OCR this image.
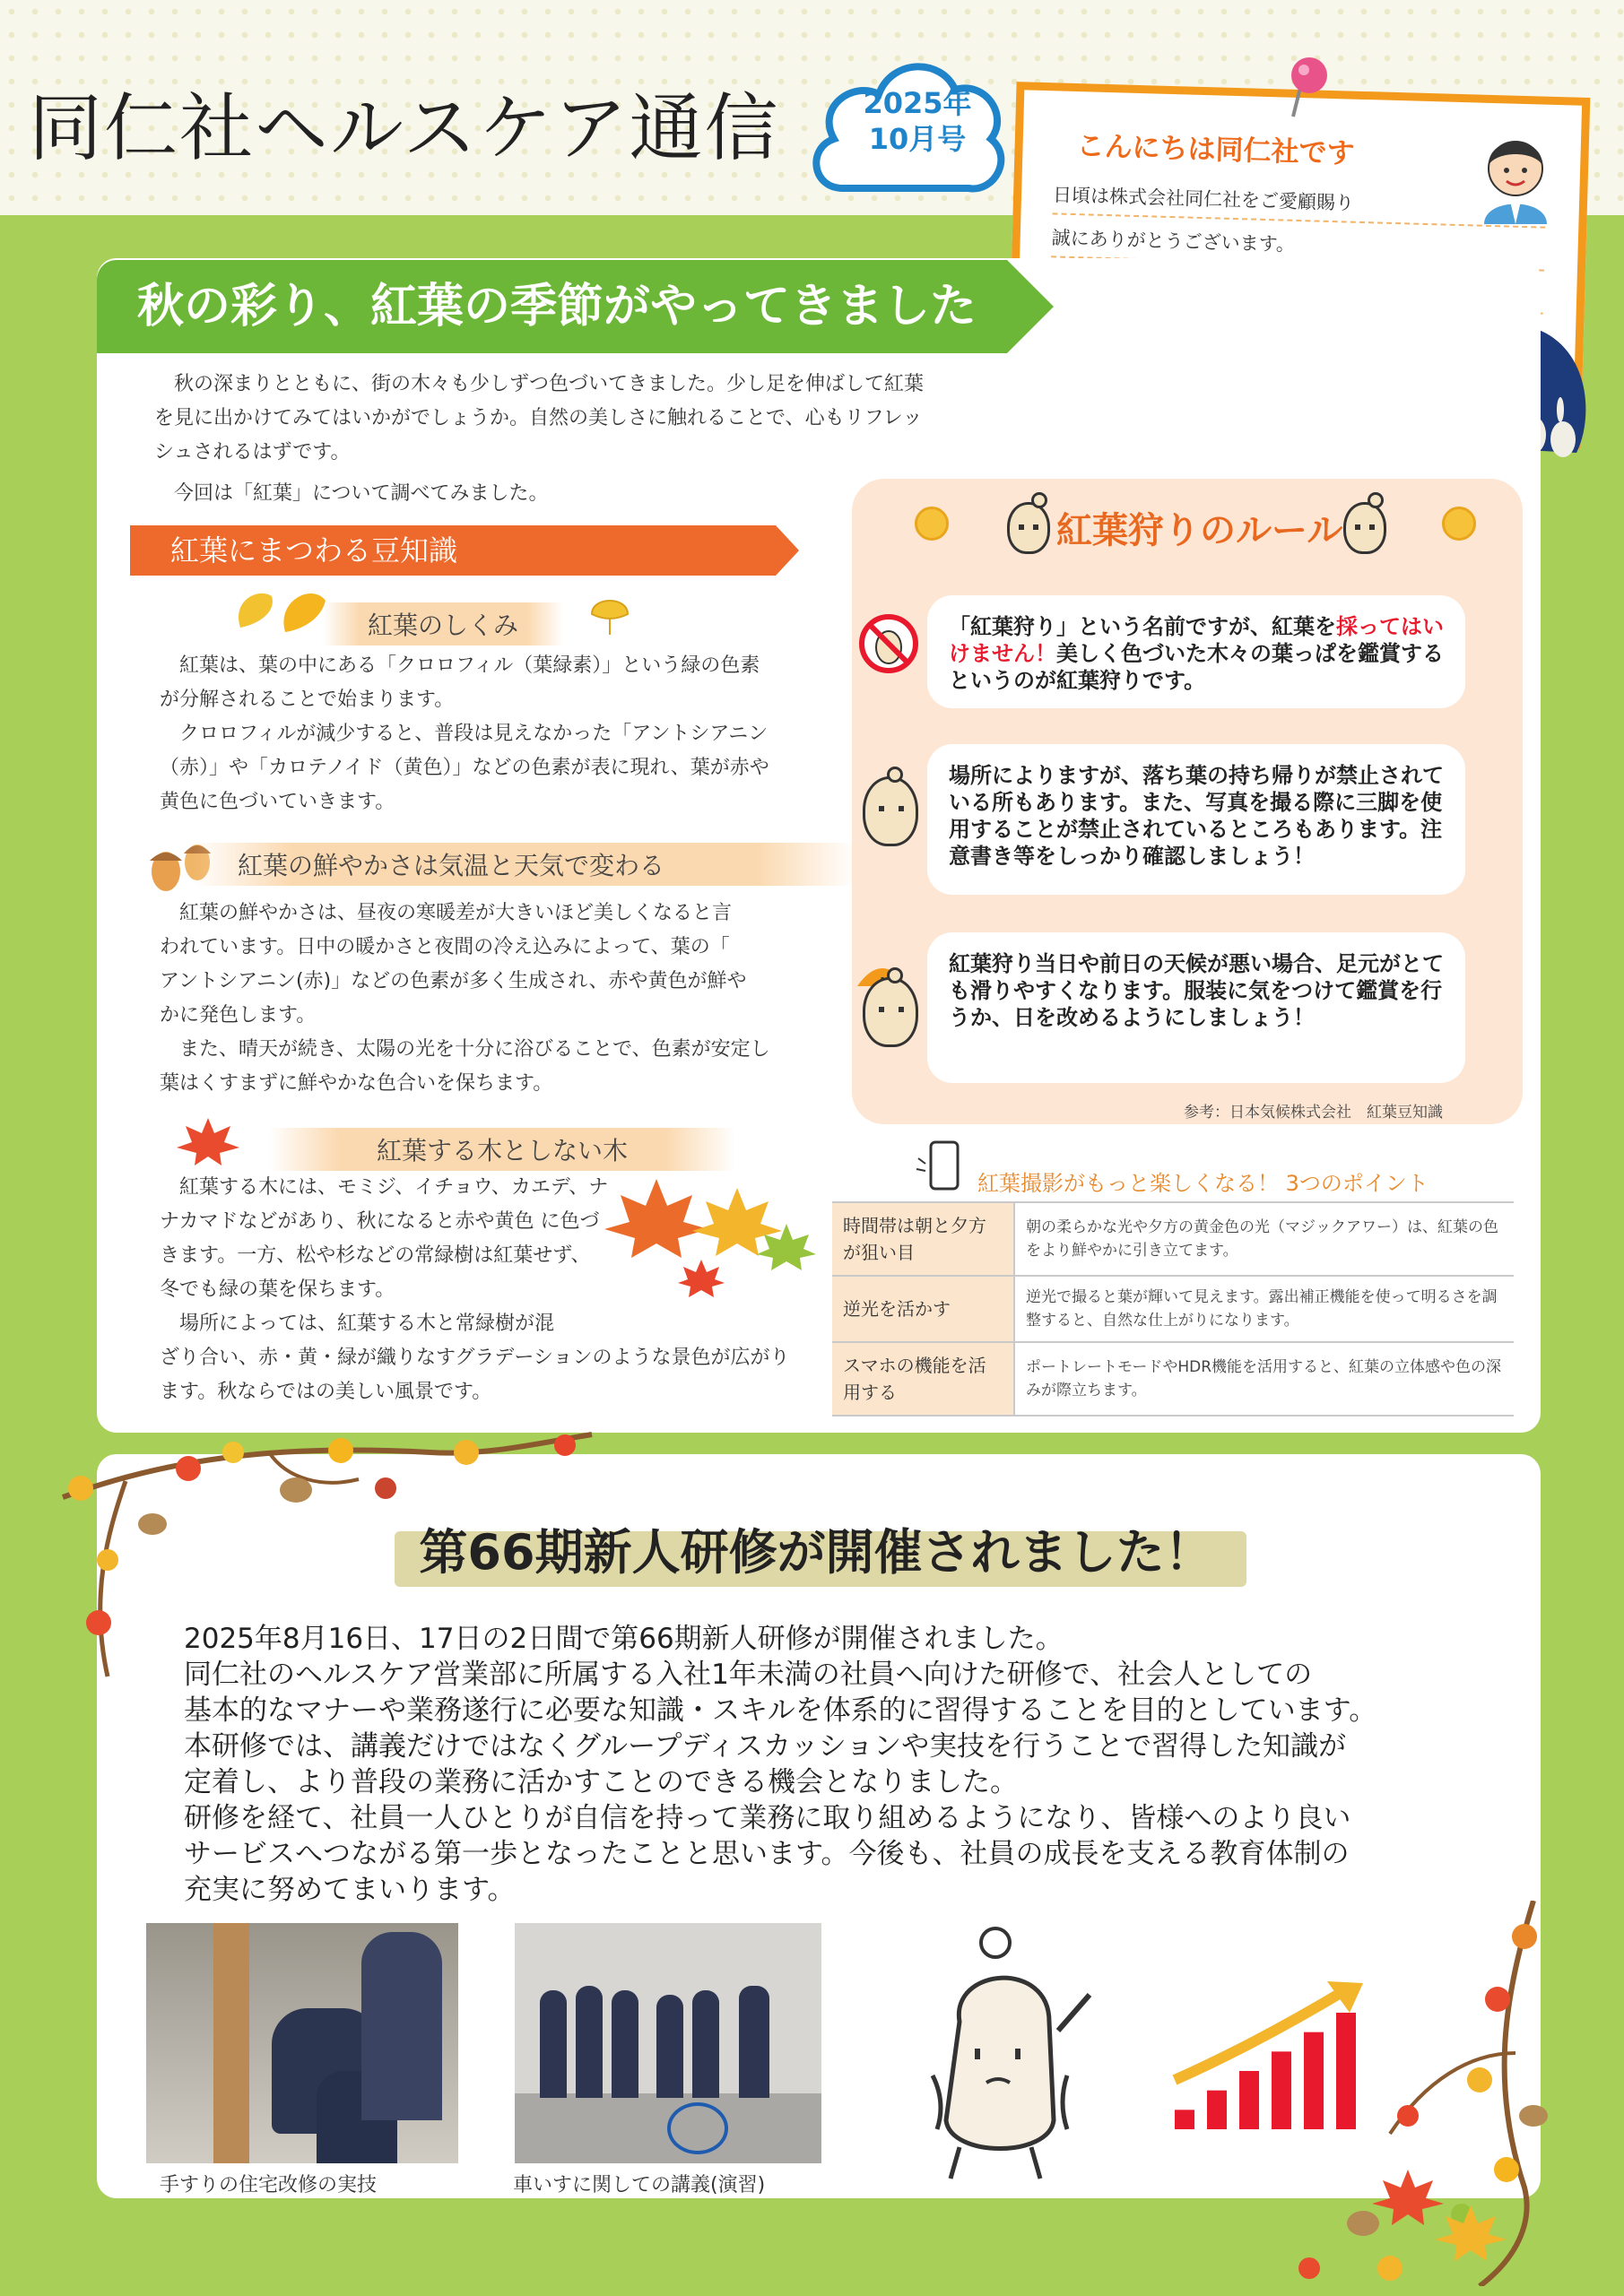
同仁社ヘルスケア通信	2025年
10月号	こんにちは同仁社です
日頃は株式会社同仁社をご愛顧賜り
誠にありがとうございます。
秋の彩り、紅葉の季節がやってきました
　秋の深まりとともに、街の木々も少しずつ色づいてきました。少し足を伸ばして紅葉
を見に出かけてみてはいかがでしょうか。自然の美しさに触れることで、心もリフレッ
シュされるはずです。
　今回は「紅葉」について調べてみました。
紅葉にまつわる豆知識
紅葉のしくみ
　紅葉は、葉の中にある「クロロフィル（葉緑素）」という緑の色素
が分解されることで始まります。
　クロロフィルが減少すると、普段は見えなかった「アントシアニン
（赤）」や「カロテノイド（黄色）」などの色素が表に現れ、葉が赤や
黄色に色づいていきます。
紅葉の鮮やかさは気温と天気で変わる
　紅葉の鮮やかさは、昼夜の寒暖差が大きいほど美しくなると言
われています。日中の暖かさと夜間の冷え込みによって、葉の「
アントシアニン(赤)」などの色素が多く生成され、赤や黄色が鮮や
かに発色します。
　また、晴天が続き、太陽の光を十分に浴びることで、色素が安定し
葉はくすまずに鮮やかな色合いを保ちます。
紅葉する木としない木
　紅葉する木には、モミジ、イチョウ、カエデ、ナ
ナカマドなどがあり、秋になると赤や黄色 に色づ
きます。一方、松や杉などの常緑樹は紅葉せず、
冬でも緑の葉を保ちます。
　場所によっては、紅葉する木と常緑樹が混
ざり合い、赤・黄・緑が織りなすグラデーションのような景色が広がり
ます。秋ならではの美しい風景です。
紅葉狩りのルール
「紅葉狩り」という名前ですが、紅葉を採ってはいけません！美しく色づいた木々の葉っぱを鑑賞するというのが紅葉狩りです。
場所によりますが、落ち葉の持ち帰りが禁止されている所もあります。また、写真を撮る際に三脚を使用することが禁止されているところもあります。注意書き等をしっかり確認しましょう！
紅葉狩り当日や前日の天候が悪い場合、足元がとても滑りやすくなります。服装に気をつけて鑑賞を行うか、日を改めるようにしましょう！
参考：日本気候株式会社　紅葉豆知識
紅葉撮影がもっと楽しくなる！ 3つのポイント
時間帯は朝と夕方が狙い目	朝の柔らかな光や夕方の黄金色の光（マジックアワー）は、紅葉の色をより鮮やかに引き立てます。
逆光を活かす	逆光で撮ると葉が輝いて見えます。露出補正機能を使って明るさを調整すると、自然な仕上がりになります。
スマホの機能を活用する	ポートレートモードやHDR機能を活用すると、紅葉の立体感や色の深みが際立ちます。
第66期新人研修が開催されました！
2025年8月16日、17日の2日間で第66期新人研修が開催されました。
同仁社のヘルスケア営業部に所属する入社1年未満の社員へ向けた研修で、社会人としての
基本的なマナーや業務遂行に必要な知識・スキルを体系的に習得することを目的としています。
本研修では、講義だけではなくグループディスカッションや実技を行うことで習得した知識が
定着し、より普段の業務に活かすことのできる機会となりました。
研修を経て、社員一人ひとりが自信を持って業務に取り組めるようになり、皆様へのより良い
サービスへつながる第一歩となったことと思います。今後も、社員の成長を支える教育体制の
充実に努めてまいります。
手すりの住宅改修の実技	車いすに関しての講義(演習)
